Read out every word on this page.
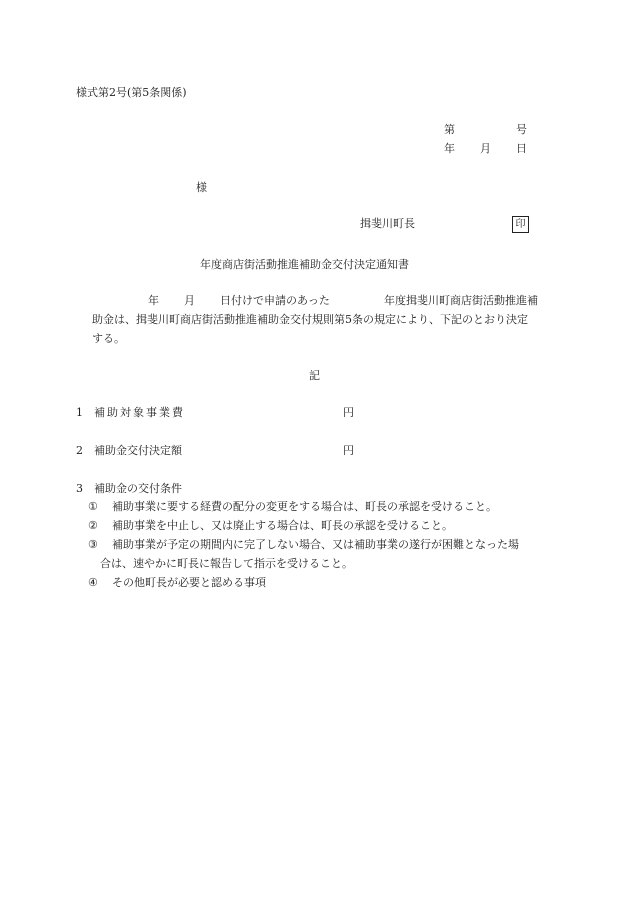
様式第2号(第5条関係)
第	号
年 月 日
様
揖斐川町長	印
年度商店街活動推進補助金交付決定通知書
年 月 日付けで申請のあった	年度揖斐川町商店街活動推進補
助金は、揖斐川町商店街活動推進補助金交付規則第5条の規定により、下記のとおり決定
する。
記
1 補助対象事業費	円
2 補助金交付決定額	円
3 補助金の交付条件
① 補助事業に要する経費の配分の変更をする場合は、町長の承認を受けること。
② 補助事業を中止し、又は廃止する場合は、町長の承認を受けること。
③ 補助事業が予定の期間内に完了しない場合、又は補助事業の遂行が困難となった場
合は、速やかに町長に報告して指示を受けること。
④ その他町長が必要と認める事項
